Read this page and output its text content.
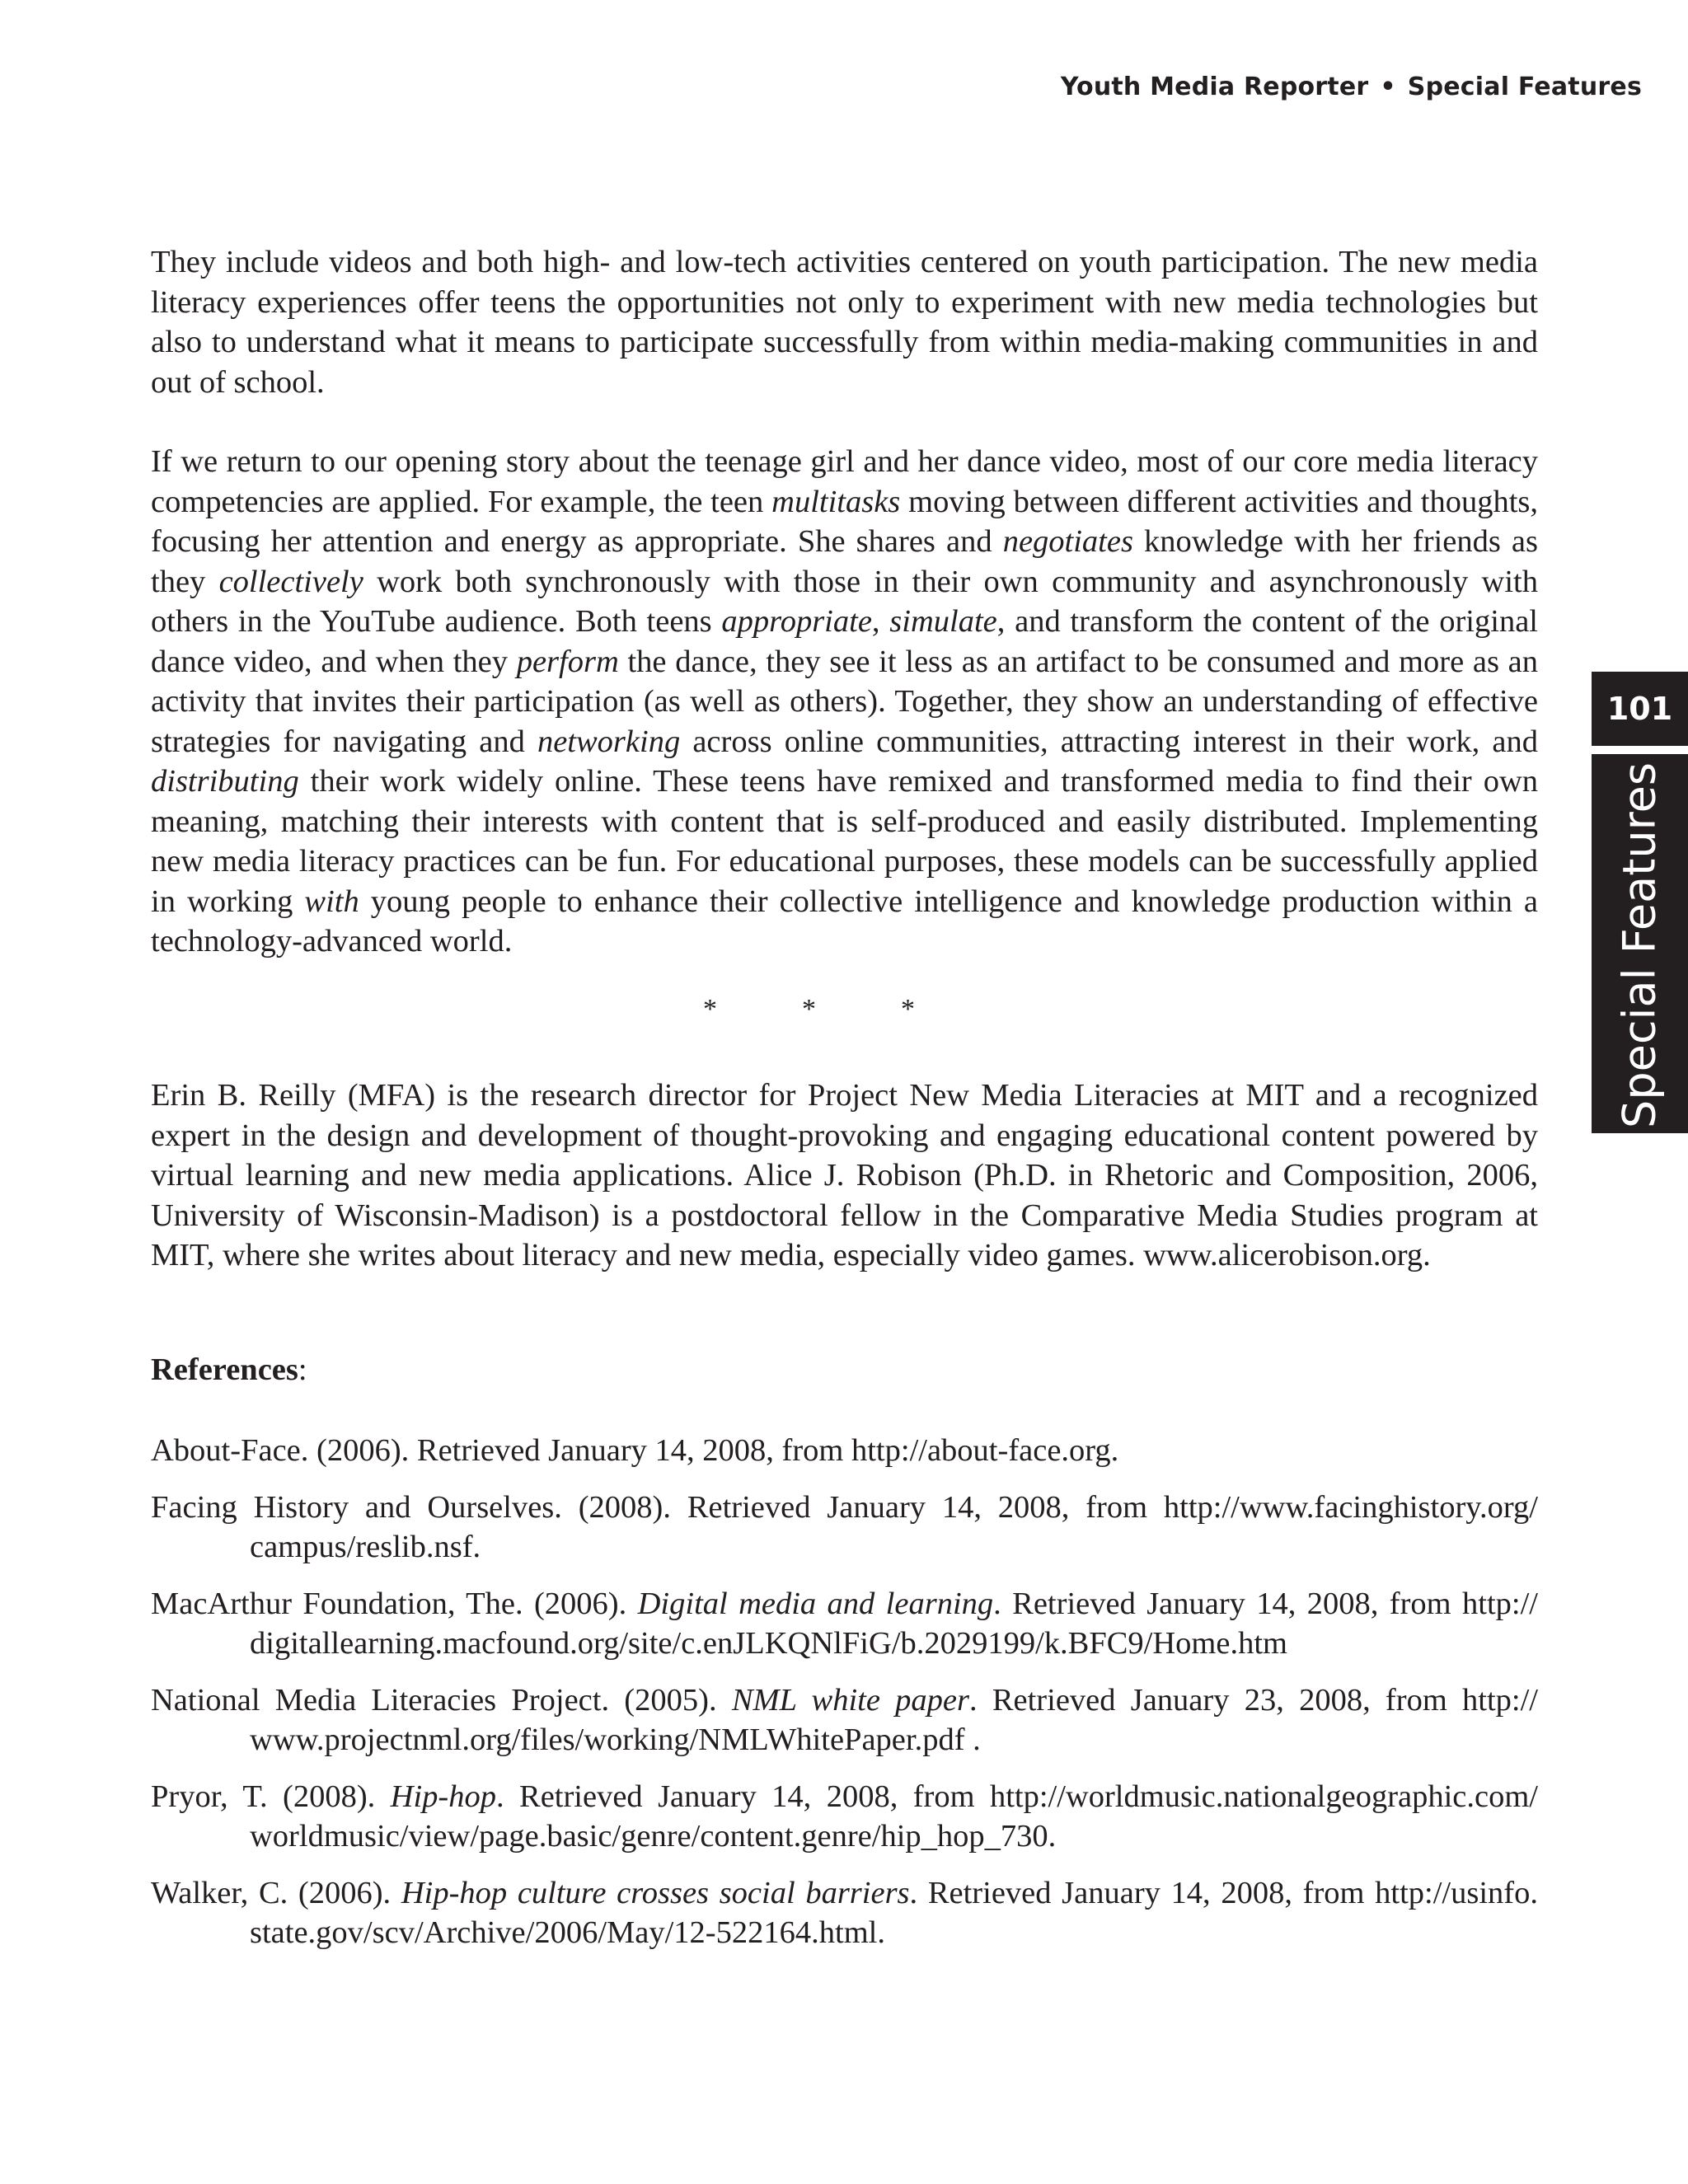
Youth Media Reporter • Special Features

They include videos and both high- and low-tech activities centered on youth participation. The new media literacy experiences offer teens the opportunities not only to experiment with new media technologies but also to understand what it means to participate successfully from within media-making communities in and out of school.

If we return to our opening story about the teenage girl and her dance video, most of our core media literacy competencies are applied. For example, the teen multitasks moving between different activities and thoughts, focusing her attention and energy as appropriate. She shares and negotiates knowledge with her friends as they collectively work both synchronously with those in their own community and asynchronously with others in the YouTube audience. Both teens appropriate, simulate, and transform the content of the original dance video, and when they perform the dance, they see it less as an artifact to be consumed and more as an activity that invites their participation (as well as others). Together, they show an understanding of effective strategies for navigating and networking across online communities, attracting interest in their work, and distributing their work widely online. These teens have remixed and transformed media to find their own meaning, matching their interests with content that is self-produced and easily distributed. Implementing new media literacy practices can be fun. For educational purposes, these models can be successfully applied in working with young people to enhance their collective intelligence and knowledge production within a technology-advanced world.

*	*	*

Erin B. Reilly (MFA) is the research director for Project New Media Literacies at MIT and a recognized expert in the design and development of thought-provoking and engaging educational content powered by virtual learning and new media applications. Alice J. Robison (Ph.D. in Rhetoric and Composition, 2006, University of Wisconsin-Madison) is a postdoctoral fellow in the Comparative Media Studies program at MIT, where she writes about literacy and new media, especially video games. www.alicerobison.org.

References:

About-Face. (2006). Retrieved January 14, 2008, from http://about-face.org.

Facing History and Ourselves. (2008). Retrieved January 14, 2008, from http://www.facinghistory.org/ campus/reslib.nsf.

MacArthur Foundation, The. (2006). Digital media and learning. Retrieved January 14, 2008, from http:// digitallearning.macfound.org/site/c.enJLKQNlFiG/b.2029199/k.BFC9/Home.htm

National Media Literacies Project. (2005). NML white paper. Retrieved January 23, 2008, from http:// www.projectnml.org/files/working/NMLWhitePaper.pdf .

Pryor, T. (2008). Hip-hop. Retrieved January 14, 2008, from http://worldmusic.nationalgeographic.com/ worldmusic/view/page.basic/genre/content.genre/hip_hop_730.

Walker, C. (2006). Hip-hop culture crosses social barriers. Retrieved January 14, 2008, from http://usinfo. state.gov/scv/Archive/2006/May/12-522164.html.

101
Special Features
